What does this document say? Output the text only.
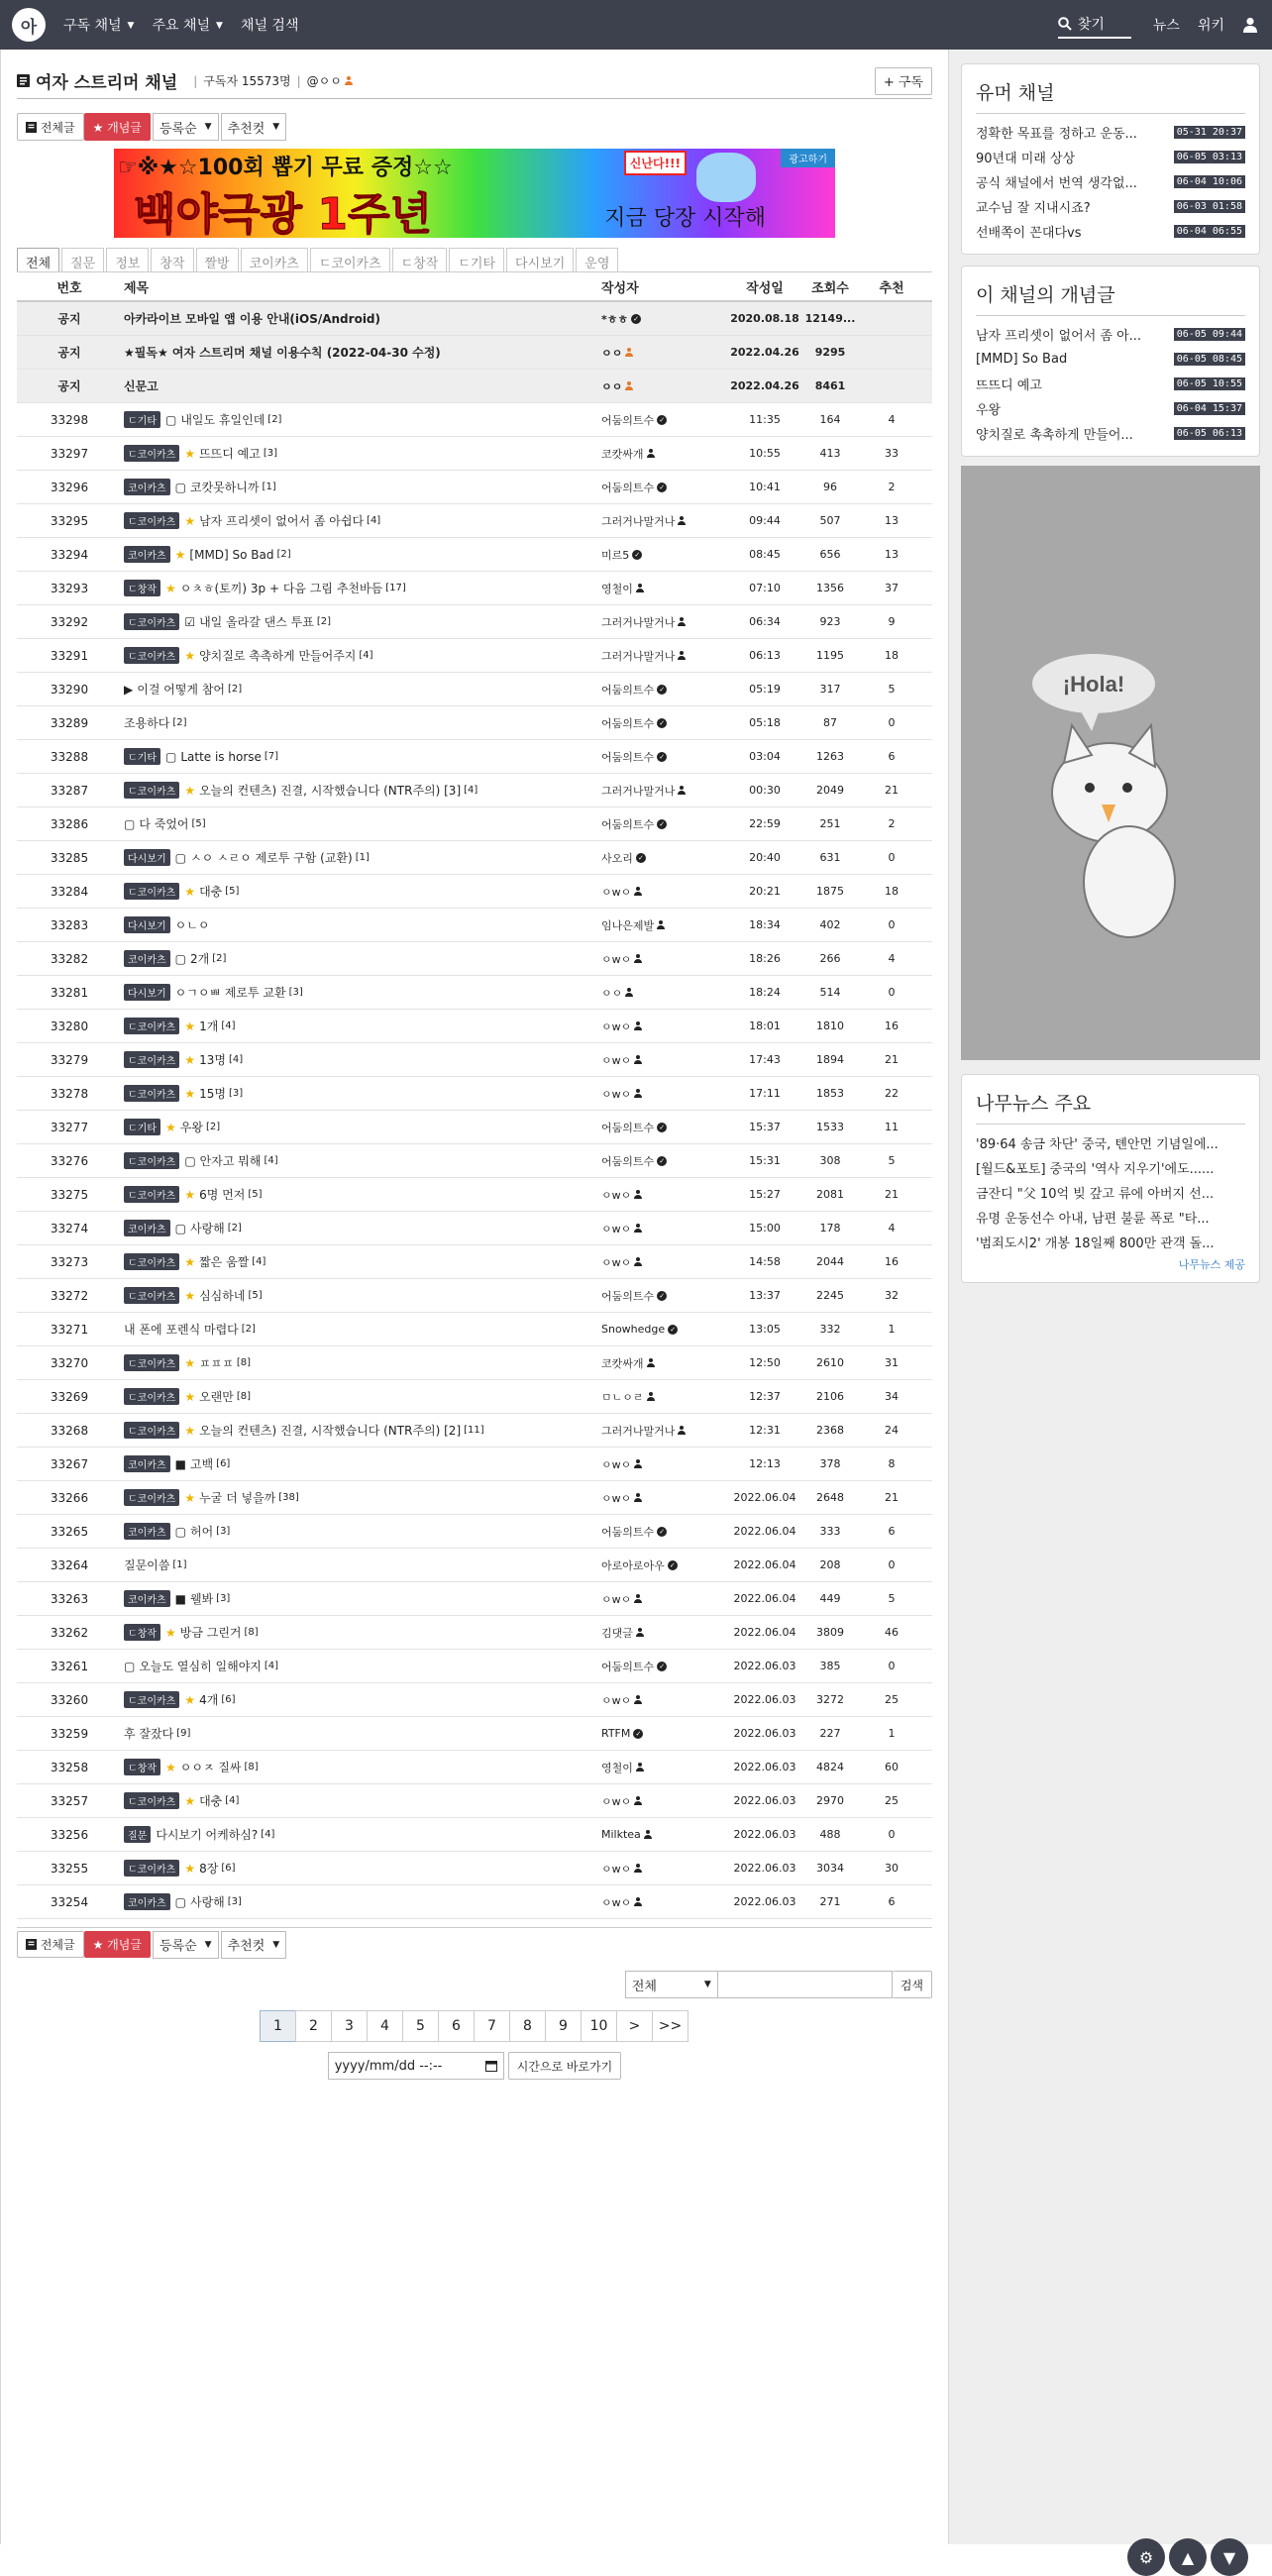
아 구독 채널 ▼ 주요 채널 ▼ 채널 검색	찾기	뉴스 위키
여자 스트리머 채널 | 구독자 15573명 | @ㅇㅇ	+ 구독

전체글	★ 개념글	등록순 ▼ 추천컷 ▼
☞※★☆100회 뽑기 무료 증정☆☆
백야극광 1주년	지금 당장 시작해
신난다!!!	광고하기
전체	질문	정보	창작	짤방	코이카츠	ㄷ코이카츠	ㄷ창작	ㄷ기타	다시보기	운영
번호	제목	작성자	작성일	조회수	추천
공지	아카라이브 모바일 앱 이용 안내(iOS/Android)	*ㅎㅎ ✓	2020.08.18 12149...
공지	★필독★ 여자 스트리머 채널 이용수칙 (2022-04-30 수정)	ㅇㅇ	2022.04.26	9295
공지	신문고	ㅇㅇ	2022.04.26	8461
33298	ㄷ기타 ▢ 내일도 휴일인데 [2]	어둠의트수 ✓	11:35	164	4
33297	ㄷ코이카츠 ★ 뜨뜨디 예고 [3]	코캇싸개	10:55	413	33
33296	코이카츠 ▢ 코캇못하니까 [1]	어둠의트수 ✓	10:41	96	2
33295	ㄷ코이카츠 ★ 남자 프리셋이 없어서 좀 아쉽다 [4]	그러거나말거나	09:44	507	13
33294	코이카츠 ★ [MMD] So Bad [2]	미르5 ✓	08:45	656	13
33293	ㄷ창작 ★ ㅇㅊㅎ(토끼) 3p + 다음 그림 추천바듬 [17]	영철이	07:10	1356	37
33292	ㄷ코이카츠 ☑ 내일 올라갈 댄스 투표 [2]	그러거나말거나	06:34	923	9
33291	ㄷ코이카츠 ★ 양치질로 촉촉하게 만들어주지 [4]	그러거나말거나	06:13	1195	18
33290	▶ 이걸 어떻게 참어 [2]	어둠의트수 ✓	05:19	317	5
33289	조용하다 [2]	어둠의트수 ✓	05:18	87	0
33288	ㄷ기타 ▢ Latte is horse [7]	어둠의트수 ✓	03:04	1263	6
33287	ㄷ코이카츠 ★ 오늘의 컨텐츠) 진결, 시작했습니다 (NTR주의) [3] [4]	그러거나말거나	00:30	2049	21
33286	▢ 다 죽었어 [5]	어둠의트수 ✓	22:59	251	2
33285	다시보기 ▢ ㅅㅇ ㅅㄹㅇ 제로투 구함 (교환) [1]	사오리 ✓	20:40	631	0
33284	ㄷ코이카츠 ★ 대충 [5]	ㅇwㅇ	20:21	1875	18
33283	다시보기 ㅇㄴㅇ	임나은제발	18:34	402	0
33282	코이카츠 ▢ 2개 [2]	ㅇwㅇ	18:26	266	4
33281	다시보기 ㅇㄱㅇㅃ 제로투 교환 [3]	ㅇㅇ	18:24	514	0
33280	ㄷ코이카츠 ★ 1개 [4]	ㅇwㅇ	18:01	1810	16
33279	ㄷ코이카츠 ★ 13명 [4]	ㅇwㅇ	17:43	1894	21
33278	ㄷ코이카츠 ★ 15명 [3]	ㅇwㅇ	17:11	1853	22
33277	ㄷ기타 ★ 우왕 [2]	어둠의트수 ✓	15:37	1533	11
33276	ㄷ코이카츠 ▢ 안자고 뭐해 [4]	어둠의트수 ✓	15:31	308	5
33275	ㄷ코이카츠 ★ 6명 먼저 [5]	ㅇwㅇ	15:27	2081	21
33274	코이카츠 ▢ 사랑해 [2]	ㅇwㅇ	15:00	178	4
33273	ㄷ코이카츠 ★ 짧은 움짤 [4]	ㅇwㅇ	14:58	2044	16
33272	ㄷ코이카츠 ★ 심심하네 [5]	어둠의트수 ✓	13:37	2245	32
33271	내 폰에 포렌식 마렵다 [2]	Snowhedge ✓	13:05	332	1
33270	ㄷ코이카츠 ★ ㅍㅍㅍ [8]	코캇싸개	12:50	2610	31
33269	ㄷ코이카츠 ★ 오랜만 [8]	ㅁㄴㅇㄹ	12:37	2106	34
33268	ㄷ코이카츠 ★ 오늘의 컨텐츠) 진결, 시작했습니다 (NTR주의) [2] [11]	그러거나말거나	12:31	2368	24
33267	코이카츠 ■ 고백 [6]	ㅇwㅇ	12:13	378	8
33266	ㄷ코이카츠 ★ 누굴 더 넣을까 [38]	ㅇwㅇ	2022.06.04	2648	21
33265	코이카츠 ▢ 허어 [3]	어둠의트수 ✓	2022.06.04	333	6
33264	질문이씀 [1]	아로아로아우 ✓	2022.06.04	208	0
33263	코이카츠 ■ 웰봐 [3]	ㅇwㅇ	2022.06.04	449	5
33262	ㄷ창작 ★ 방금 그린거 [8]	김댓글	2022.06.04	3809	46
33261	▢ 오늘도 열심히 일해야지 [4]	어둠의트수 ✓	2022.06.03	385	0
33260	ㄷ코이카츠 ★ 4개 [6]	ㅇwㅇ	2022.06.03	3272	25
33259	후 잘잤다 [9]	RTFM ✓	2022.06.03	227	1
33258	ㄷ창작 ★ ㅇㅇㅈ 질싸 [8]	영철이	2022.06.03	4824	60
33257	ㄷ코이카츠 ★ 대충 [4]	ㅇwㅇ	2022.06.03	2970	25
33256	질문 다시보기 어케하심? [4]	Milktea	2022.06.03	488	0
33255	ㄷ코이카츠 ★ 8장 [6]	ㅇwㅇ	2022.06.03	3034	30
33254	코이카츠 ▢ 사랑해 [3]	ㅇwㅇ	2022.06.03	271	6

전체글	★ 개념글	등록순 ▼ 추천컷 ▼
전체	▼	검색
1	2	3	4	5	6	7	8	9	10	>	>>
yyyy/mm/dd --:--	시간으로 바로가기
유머 채널
정확한 목표를 정하고 운동...	05-31 20:37
90년대 미래 상상	06-05 03:13
공식 채널에서 번역 생각없...	06-04 10:06
교수님 잘 지내시죠?	06-03 01:58
선배쪽이 꼰대다vs	06-04 06:55
이 채널의 개념글
남자 프리셋이 없어서 좀 아...	06-05 09:44
[MMD] So Bad	06-05 08:45
뜨뜨디 예고	06-05 10:55
우왕	06-04 15:37
양치질로 촉촉하게 만들어...	06-05 06:13
¡Hola!
나무뉴스 주요
'89·64 송금 차단' 중국, 톈안먼 기념일에...
[월드&포토] 중국의 '역사 지우기'에도......
금잔디 "父 10억 빚 갚고 류에 아버지 선...
유명 운동선수 아내, 남편 불륜 폭로 "타...
'범죄도시2' 개봉 18일째 800만 관객 돌...
나무뉴스 제공
⚙ ▲ ▼
